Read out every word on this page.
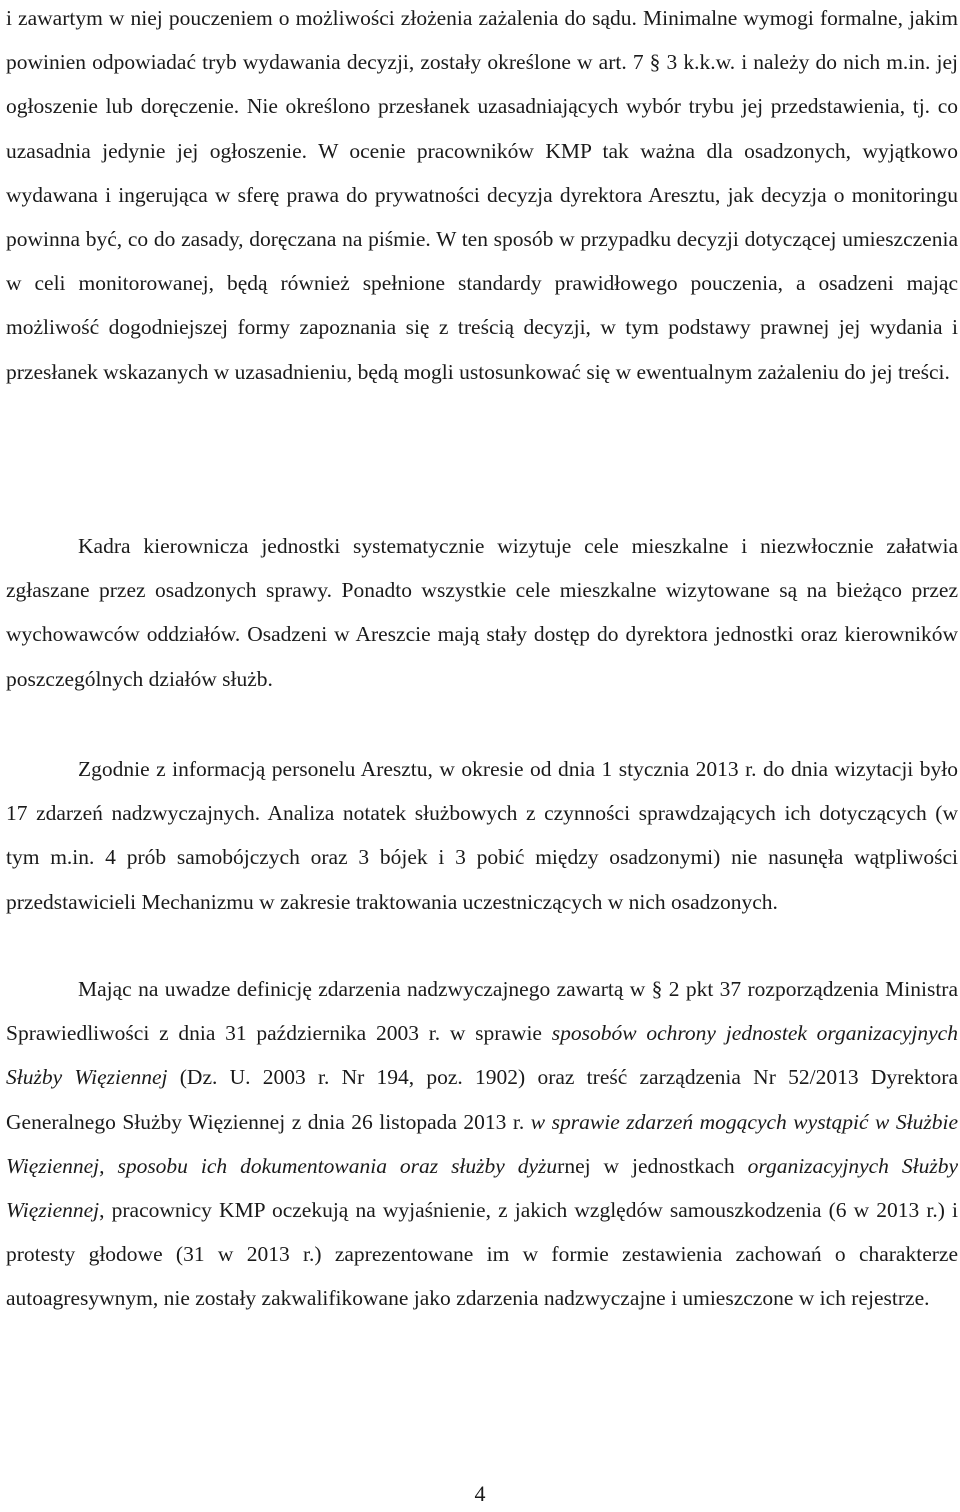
i zawartym w niej pouczeniem o możliwości złożenia zażalenia do sądu. Minimalne wymogi formalne, jakim powinien odpowiadać tryb wydawania decyzji, zostały określone w art. 7 § 3 k.k.w. i należy do nich m.in. jej ogłoszenie lub doręczenie. Nie określono przesłanek uzasadniających wybór trybu jej przedstawienia, tj. co uzasadnia jedynie jej ogłoszenie. W ocenie pracowników KMP tak ważna dla osadzonych, wyjątkowo wydawana i ingerująca w sferę prawa do prywatności decyzja dyrektora Aresztu, jak decyzja o monitoringu powinna być, co do zasady, doręczana na piśmie. W ten sposób w przypadku decyzji dotyczącej umieszczenia w celi monitorowanej, będą również spełnione standardy prawidłowego pouczenia, a osadzeni mając możliwość dogodniejszej formy zapoznania się z treścią decyzji, w tym podstawy prawnej jej wydania i przesłanek wskazanych w uzasadnieniu, będą mogli ustosunkować się w ewentualnym zażaleniu do jej treści.

Kadra kierownicza jednostki systematycznie wizytuje cele mieszkalne i niezwłocznie załatwia zgłaszane przez osadzonych sprawy. Ponadto wszystkie cele mieszkalne wizytowane są na bieżąco przez wychowawców oddziałów. Osadzeni w Areszcie mają stały dostęp do dyrektora jednostki oraz kierowników poszczególnych działów służb.

Zgodnie z informacją personelu Aresztu, w okresie od dnia 1 stycznia 2013 r. do dnia wizytacji było 17 zdarzeń nadzwyczajnych. Analiza notatek służbowych z czynności sprawdzających ich dotyczących (w tym m.in. 4 prób samobójczych oraz 3 bójek i 3 pobić między osadzonymi) nie nasunęła wątpliwości przedstawicieli Mechanizmu w zakresie traktowania uczestniczących w nich osadzonych.

Mając na uwadze definicję zdarzenia nadzwyczajnego zawartą w § 2 pkt 37 rozporządzenia Ministra Sprawiedliwości z dnia 31 października 2003 r. w sprawie sposobów ochrony jednostek organizacyjnych Służby Więziennej (Dz. U. 2003 r. Nr 194, poz. 1902) oraz treść zarządzenia Nr 52/2013 Dyrektora Generalnego Służby Więziennej z dnia 26 listopada 2013 r. w sprawie zdarzeń mogących wystąpić w Służbie Więziennej, sposobu ich dokumentowania oraz służby dyżurnej w jednostkach organizacyjnych Służby Więziennej, pracownicy KMP oczekują na wyjaśnienie, z jakich względów samouszkodzenia (6 w 2013 r.) i protesty głodowe (31 w 2013 r.) zaprezentowane im w formie zestawienia zachowań o charakterze autoagresywnym, nie zostały zakwalifikowane jako zdarzenia nadzwyczajne i umieszczone w ich rejestrze.

4
